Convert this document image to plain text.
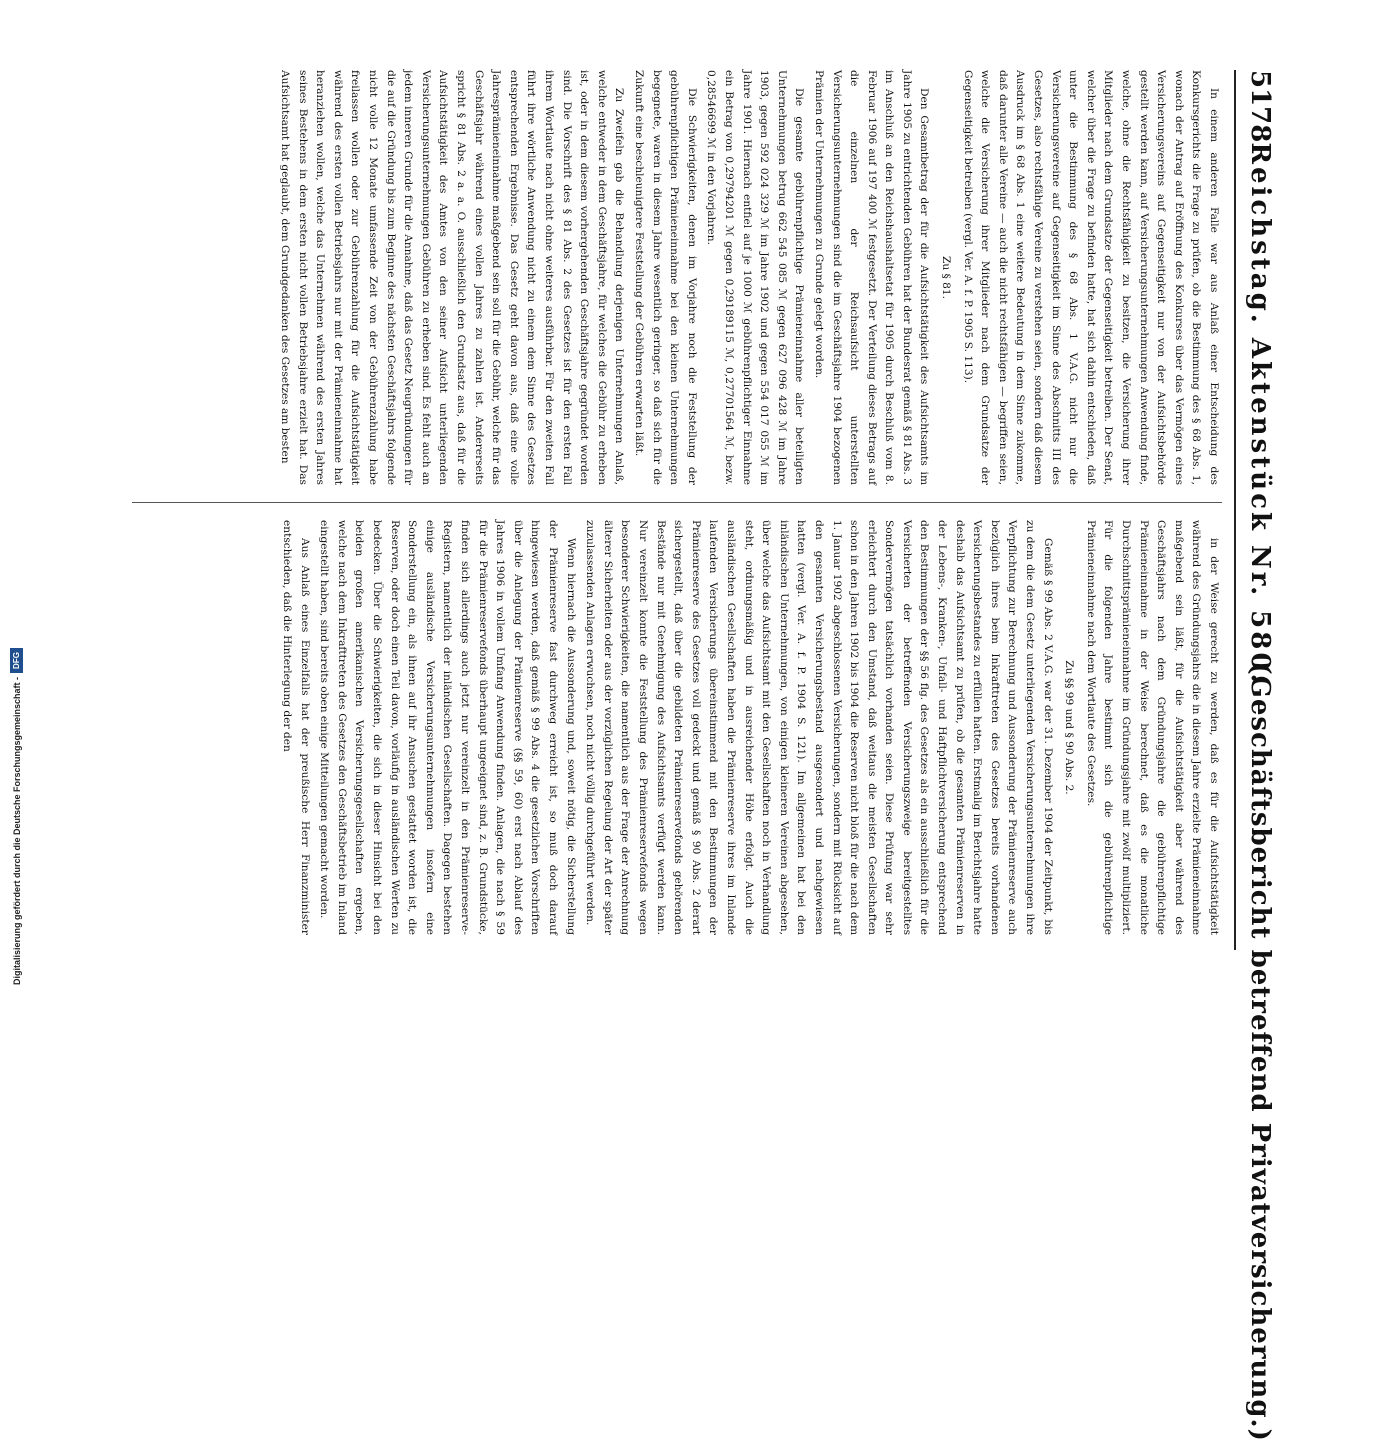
5178
Reichstag. Aktenstück Nr. 580.
(Geschäftsbericht betreffend Privatversicherung.)

In einem anderen Falle war aus Anlaß einer Entscheidung des Konkursgerichts die Frage zu prüfen, ob die Bestimmung des § 68 Abs. 1, wonach der Antrag auf Eröffnung des Konkurses über das Vermögen eines Versicherungsvereins auf Gegenseitigkeit nur von der Aufsichtsbehörde gestellt werden kann, auf Versicherungsunternehmungen Anwendung finde, welche, ohne die Rechtsfähigkeit zu besitzen, die Versicherung ihrer Mitglieder nach dem Grundsatze der Gegenseitigkeit betreiben. Der Senat, welcher über die Frage zu befinden hatte, hat sich dahin entschieden, daß unter die Bestimmung des § 68 Abs. 1 V.A.G. nicht nur die Versicherungsvereine auf Gegenseitigkeit im Sinne des Abschnitts III des Gesetzes, also rechtsfähige Vereine zu verstehen seien, sondern daß diesem Ausdruck im § 68 Abs. 1 eine weitere Bedeutung in dem Sinne zukomme, daß darunter alle Vereine — auch die nicht rechtsfähigen — begriffen seien, welche die Versicherung ihrer Mitglieder nach dem Grundsatze der Gegenseitigkeit betreiben (vergl. Ver. A. f. P. 1905 S. 113).

Zu § 81.

Den Gesamtbetrag der für die Aufsichtstätigkeit des Aufsichtsamts im Jahre 1905 zu entrichtenden Gebühren hat der Bundesrat gemäß § 81 Abs. 3 im Anschluß an den Reichshaushaltsetat für 1905 durch Beschluß vom 8. Februar 1906 auf 197 400 ℳ festgesetzt. Der Verteilung dieses Betrags auf die einzelnen der Reichsaufsicht unterstellten Versicherungsunternehmungen sind die im Geschäftsjahre 1904 bezogenen Prämien der Unternehmungen zu Grunde gelegt worden.

Die gesamte gebührenpflichtige Prämieneinnahme aller beteiligten Unternehmungen betrug 662 545 085 ℳ gegen 627 096 428 ℳ im Jahre 1903, gegen 592 024 329 ℳ im Jahre 1902 und gegen 554 017 055 ℳ im Jahre 1901. Hiernach entfiel auf je 1000 ℳ gebührenpflichtiger Einnahme ein Betrag von 0,29794201 ℳ gegen 0,29189115 ℳ, 0,27701564 ℳ, bezw. 0,28546699 ℳ in den Vorjahren.

Die Schwierigkeiten, denen im Vorjahre noch die Feststellung der gebührenpflichtigen Prämieneinnahme bei den kleinen Unternehmungen begegnete, waren in diesem Jahre wesentlich geringer, so daß sich für die Zukunft eine beschleunigtere Feststellung der Gebühren erwarten läßt.

Zu Zweifeln gab die Behandlung derjenigen Unternehmungen Anlaß, welche entweder in dem Geschäftsjahre, für welches die Gebühr zu erheben ist, oder in dem diesem vorhergehenden Geschäftsjahre gegründet worden sind. Die Vorschrift des § 81 Abs. 2 des Gesetzes ist für den ersten Fall ihrem Wortlaute nach nicht ohne weiteres ausführbar. Für den zweiten Fall führt ihre wörtliche Anwendung nicht zu einem dem Sinne des Gesetzes entsprechenden Ergebnisse. Das Gesetz geht davon aus, daß eine volle Jahresprämieneinnahme maßgebend sein soll für die Gebühr, welche für das Geschäftsjahr während eines vollen Jahres zu zahlen ist. Andererseits spricht § 81 Abs. 2 a. a. O. ausschließlich den Grundsatz aus, daß für die Aufsichtstätigkeit des Amtes von den seiner Aufsicht unterliegenden Versicherungsunternehmungen Gebühren zu erheben sind. Es fehlt auch an jedem inneren Grunde für die Annahme, daß das Gesetz Neugründungen für die auf die Gründung bis zum Beginne des nächsten Geschäftsjahrs folgende nicht volle 12 Monate umfassende Zeit von der Gebührenzahlung habe freilassen wollen oder zur Gebührenzahlung für die Aufsichtstätigkeit während des ersten vollen Betriebsjahrs nur mit der Prämieneinnahme hat heranziehen wollen, welche das Unternehmen während des ersten Jahres seines Bestehens in dem ersten nicht vollen Betriebsjahre erzielt hat. Das Aufsichtsamt hat geglaubt, dem Grundgedanken des Gesetzes am besten

in der Weise gerecht zu werden, daß es für die Aufsichtstätigkeit während des Gründungsjahrs die in diesem Jahre erzielte Prämieneinnahme maßgebend sein läßt, für die Aufsichtstätigkeit aber während des Geschäftsjahrs nach dem Gründungsjahre die gebührenpflichtige Prämieneinnahme in der Weise berechnet, daß es die monatliche Durchschnittsprämieneinnahme im Gründungsjahre mit zwölf multipliziert. Für die folgenden Jahre bestimmt sich die gebührenpflichtige Prämieneinnahme nach dem Wortlaute des Gesetzes.

Zu §§ 99 und § 90 Abs. 2.

Gemäß § 99 Abs. 2 V.A.G. war der 31. Dezember 1904 der Zeitpunkt, bis zu dem die dem Gesetz unterliegenden Versicherungsunternehmungen ihre Verpflichtung zur Berechnung und Aussonderung der Prämienreserve auch bezüglich ihres beim Inkrafttreten des Gesetzes bereits vorhandenen Versicherungsbestandes zu erfüllen hatten. Erstmalig im Berichtsjahre hatte deshalb das Aufsichtsamt zu prüfen, ob die gesamten Prämienreserven in der Lebens-, Kranken-, Unfall- und Haftpflichtversicherung entsprechend den Bestimmungen der §§ 56 flg. des Gesetzes als ein ausschließlich für die Versicherten der betreffenden Versicherungszweige bereitgestelltes Sondervermögen tatsächlich vorhanden seien. Diese Prüfung war sehr erleichtert durch den Umstand, daß weitaus die meisten Gesellschaften schon in den Jahren 1902 bis 1904 die Reserven nicht bloß für die nach dem 1. Januar 1902 abgeschlossenen Versicherungen, sondern mit Rücksicht auf den gesamten Versicherungsbestand ausgesondert und nachgewiesen hatten (vergl. Ver. A. f. P. 1904 S. 121). Im allgemeinen hat bei den inländischen Unternehmungen, von einigen kleineren Vereinen abgesehen, über welche das Aufsichtsamt mit den Gesellschaften noch in Verhandlung steht, ordnungsmäßig und in ausreichender Höhe erfolgt. Auch die ausländischen Gesellschaften haben die Prämienreserve ihres im Inlande laufenden Versicherungs übereinstimmend mit den Bestimmungen der Prämienreserve des Gesetzes voll gedeckt und gemäß § 90 Abs. 2 derart sichergestellt, daß über die gebildeten Prämienreservefonds gehörenden Bestände nur mit Genehmigung des Aufsichtsamts verfügt werden kann. Nur vereinzelt konnte die Feststellung des Prämienreservefonds wegen besonderer Schwierigkeiten, die namentlich aus der Frage der Anrechnung älterer Sicherheiten oder aus der vorzüglichen Regelung der Art der später zuzulassenden Anlagen erwuchsen, noch nicht völlig durchgeführt werden.

Wenn hiernach die Aussonderung und, soweit nötig, die Sicherstellung der Prämienreserve fast durchweg erreicht ist, so muß doch darauf hingewiesen werden, daß gemäß § 99 Abs. 4 die gesetzlichen Vorschriften über die Anlegung der Prämienreserve (§§ 59, 60) erst nach Ablauf des Jahres 1906 in vollem Umfang Anwendung finden. Anlagen, die nach § 59 für die Prämienreservefonds überhaupt ungeeignet sind, z. B. Grundstücke, finden sich allerdings auch jetzt nur vereinzelt in den Prämienreserve-Registern, namentlich der inländischen Gesellschaften. Dagegen bestehen einige ausländische Versicherungsunternehmungen insofern eine Sonderstellung ein, als ihnen auf ihr Ansuchen gestattet worden ist, die Reserven, oder doch einen Teil davon, vorläufig in ausländischen Werten zu bedecken. Über die Schwierigkeiten, die sich in dieser Hinsicht bei den beiden großen amerikanischen Versicherungsgesellschaften ergeben, welche nach dem Inkrafttreten des Gesetzes den Geschäftsbetrieb im Inland eingestellt haben, sind bereits oben einige Mitteilungen gemacht worden.

Aus Anlaß eines Einzelfalls hat der preußische Herr Finanzminister entschieden, daß die Hinterlegung der den

Digitalisierung gefördert durch die Deutsche Forschungsgemeinschaft -
DFG
